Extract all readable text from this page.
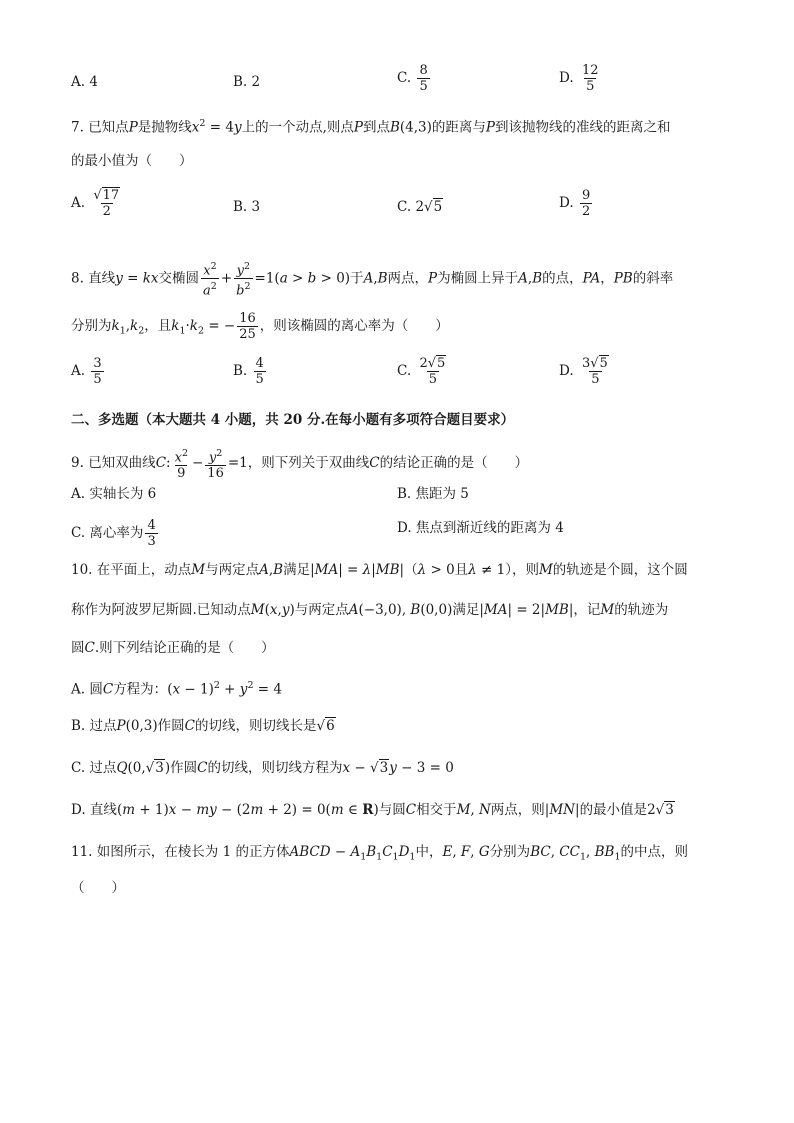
A. 4	B. 2	C. $\frac{8}{5}$	D. $\frac{12}{5}$
7. 已知点P是抛物线$x^2 = 4y$上的一个动点,则点P到点B(4,3)的距离与P到该抛物线的准线的距离之和
的最小值为（　　）
A. $\frac{√17}{2}$	B. 3	C. 2√5	D. $\frac{9}{2}$
8. 直线y = kx交椭圆 $\frac{x^2}{a^2} + \frac{y^2}{b^2} =1(a > b > 0)$于A,B两点，P为椭圆上异于A,B的点，PA，PB的斜率
分别为$k_1,k_2$，且$k_1\cdot k_2$ = − $\frac{16}{25}$ ，则该椭圆的离心率为（　　）
A. $\frac{3}{5}$	B. $\frac{4}{5}$	C. $\frac{2√5}{5}$	D. $\frac{3√5}{5}$
二、多选题（本大题共 4 小题，共 20 分.在每小题有多项符合题目要求）
9. 已知双曲线C: $\frac{x^2}{9} - \frac{y^2}{16} =1$，则下列关于双曲线C的结论正确的是（　　）
A. 实轴长为 6	B. 焦距为 5
C. 离心率为 $\frac{4}{3}$	D. 焦点到渐近线的距离为 4
10. 在平面上，动点M与两定点A,B满足|MA| = λ|MB|（λ > 0且λ ≠ 1），则M的轨迹是个圆，这个圆
称作为阿波罗尼斯圆.已知动点M(x,y)与两定点A(−3,0), B(0,0)满足|MA| = 2|MB|，记M的轨迹为
圆C.则下列结论正确的是（　　）
A. 圆C方程为：$(x - 1)^2 + y^2 = 4$
B. 过点P(0,3)作圆C的切线，则切线长是√6
C. 过点Q(0,√3)作圆C的切线，则切线方程为x − √3y − 3 = 0
D. 直线(m + 1)x − my − (2m + 2) = 0(m ∈ R)与圆C相交于M, N两点，则|MN|的最小值是2√3
11. 如图所示，在棱长为 1 的正方体ABCD − $A_1B_1C_1D_1$中，E, F, G分别为BC, $CC_1$, $BB_1$的中点，则
（　　）
